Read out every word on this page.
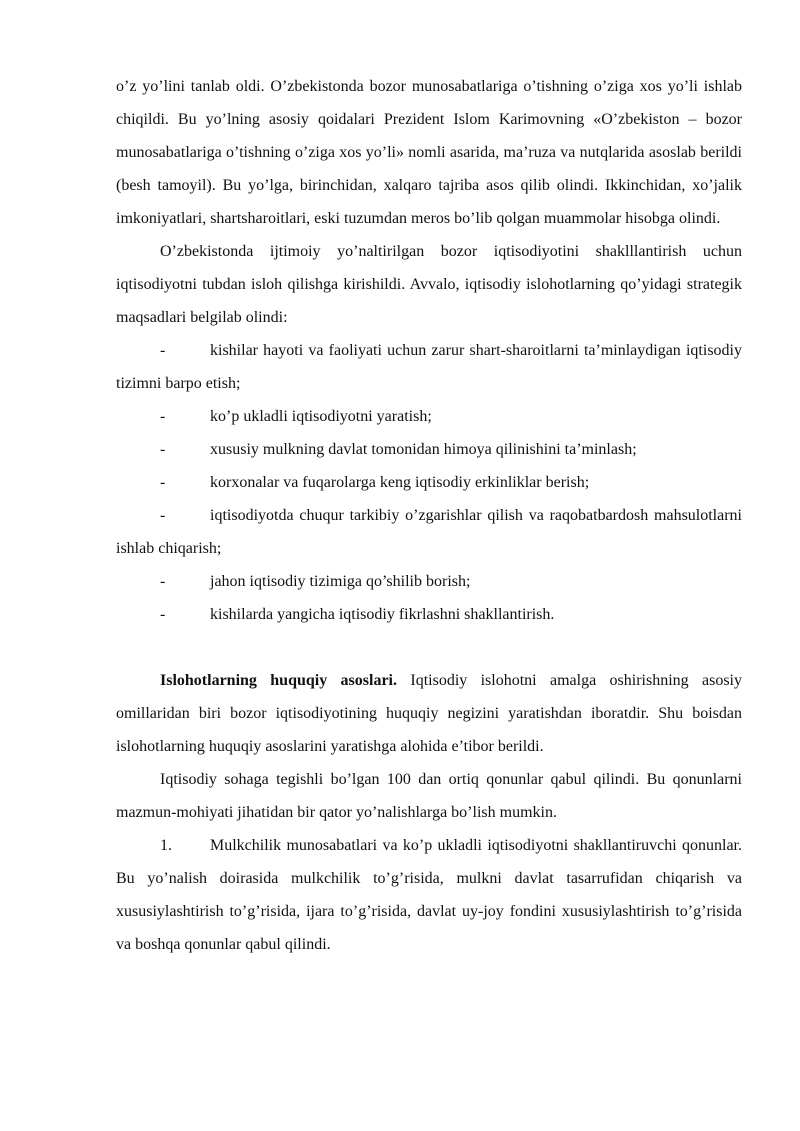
o’z yo’lini tanlab oldi. O’zbekistonda bozor munosabatlariga o’tishning o’ziga xos yo’li ishlab chiqildi. Bu yo’lning asosiy qoidalari Prezident Islom Karimovning «O’zbekiston – bozor munosabatlariga o’tishning o’ziga xos yo’li» nomli asarida, ma’ruza va nutqlarida asoslab berildi (besh tamoyil). Bu yo’lga, birinchidan, xalqaro tajriba asos qilib olindi. Ikkinchidan, xo’jalik imkoniyatlari, shartsharoitlari, eski tuzumdan meros bo’lib qolgan muammolar hisobga olindi.

O’zbekistonda ijtimoiy yo’naltirilgan bozor iqtisodiyotini shaklllantirish uchun iqtisodiyotni tubdan isloh qilishga kirishildi. Avvalo, iqtisodiy islohotlarning qo’yidagi strategik maqsadlari belgilab olindi:

-	kishilar hayoti va faoliyati uchun zarur shart-sharoitlarni ta’minlaydigan iqtisodiy tizimni barpo etish;

-	ko’p ukladli iqtisodiyotni yaratish;

-	xususiy mulkning davlat tomonidan himoya qilinishini ta’minlash;

-	korxonalar va fuqarolarga keng iqtisodiy erkinliklar berish;

-	iqtisodiyotda chuqur tarkibiy o’zgarishlar qilish va raqobatbardosh mahsulotlarni ishlab chiqarish;

-	jahon iqtisodiy tizimiga qo’shilib borish;

-	kishilarda yangicha iqtisodiy fikrlashni shakllantirish.

Islohotlarning huquqiy asoslari. Iqtisodiy islohotni amalga oshirishning asosiy omillaridan biri bozor iqtisodiyotining huquqiy negizini yaratishdan iboratdir. Shu boisdan islohotlarning huquqiy asoslarini yaratishga alohida e’tibor berildi.

Iqtisodiy sohaga tegishli bo’lgan 100 dan ortiq qonunlar qabul qilindi. Bu qonunlarni mazmun-mohiyati jihatidan bir qator yo’nalishlarga bo’lish mumkin.

1. Mulkchilik munosabatlari va ko’p ukladli iqtisodiyotni shakllantiruvchi qonunlar. Bu yo’nalish doirasida mulkchilik to’g’risida, mulkni davlat tasarrufidan chiqarish va xususiylashtirish to’g’risida, ijara to’g’risida, davlat uy-joy fondini xususiylashtirish to’g’risida va boshqa qonunlar qabul qilindi.
